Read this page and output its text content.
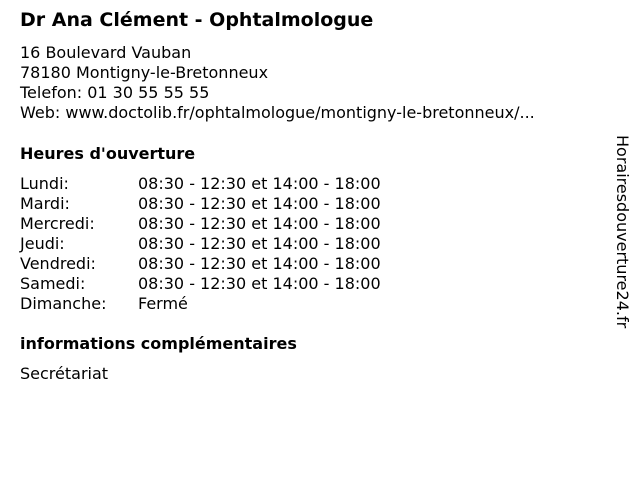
Dr Ana Clément - Ophtalmologue
16 Boulevard Vauban
78180 Montigny-le-Bretonneux
Telefon: 01 30 55 55 55
Web: www.doctolib.fr/ophtalmologue/montigny-le-bretonneux/...
Heures d'ouverture
Lundi:	08:30 - 12:30 et 14:00 - 18:00
Mardi:	08:30 - 12:30 et 14:00 - 18:00
Mercredi:	08:30 - 12:30 et 14:00 - 18:00
Jeudi:	08:30 - 12:30 et 14:00 - 18:00
Vendredi:	08:30 - 12:30 et 14:00 - 18:00
Samedi:	08:30 - 12:30 et 14:00 - 18:00
Dimanche:	Fermé
informations complémentaires
Secrétariat
Horairesdouverture24.fr
